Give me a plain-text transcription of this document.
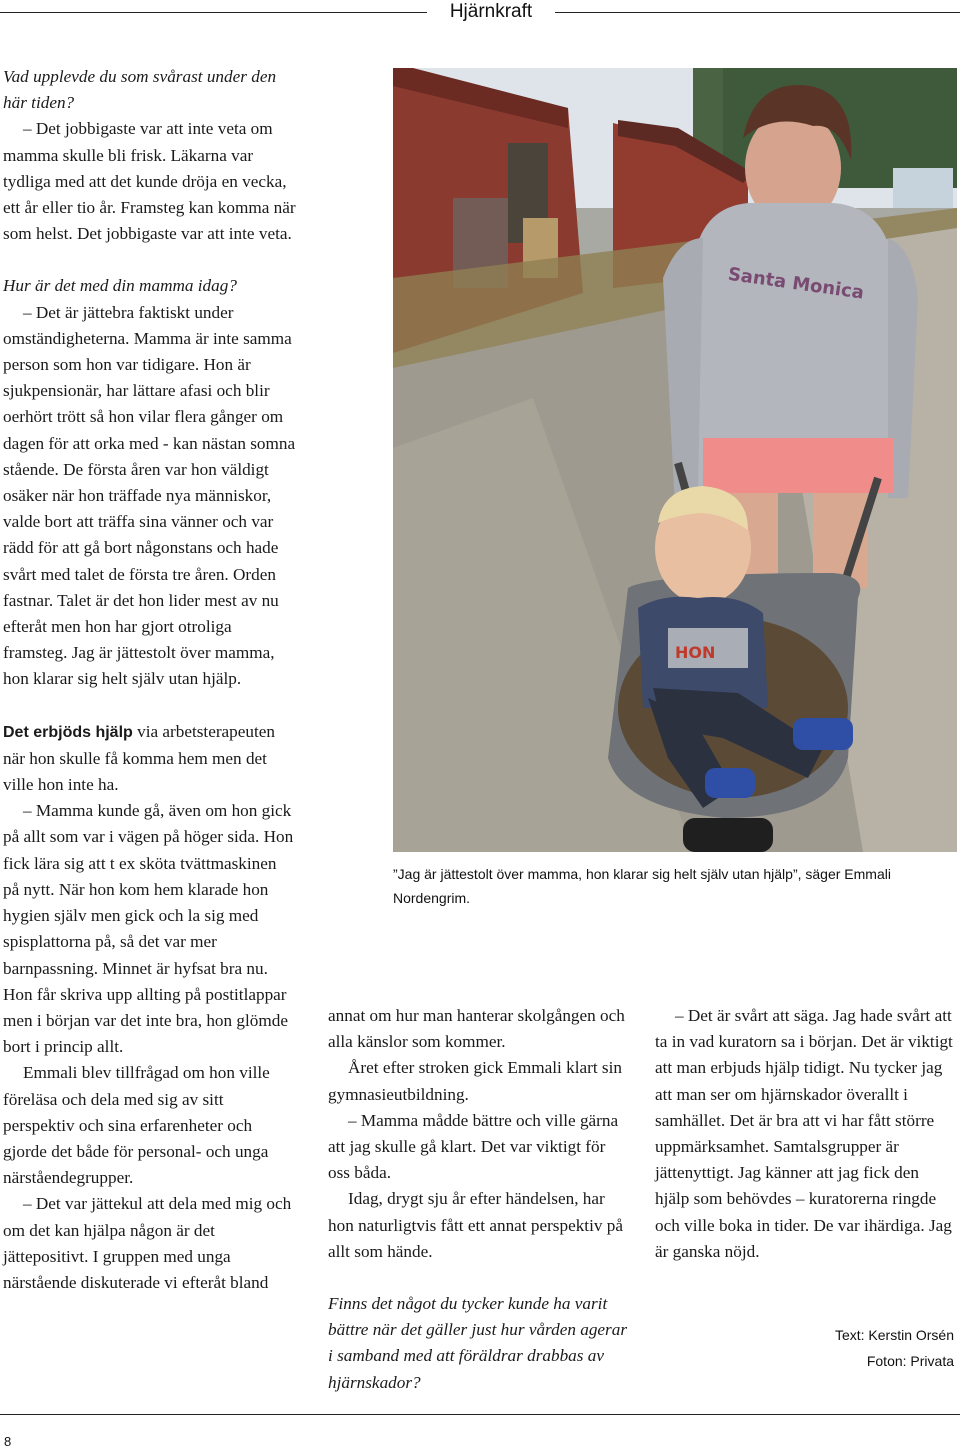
Hjärnkraft

Vad upplevde du som svårast under den här tiden?

– Det jobbigaste var att inte veta om mamma skulle bli frisk. Läkarna var tydliga med att det kunde dröja en vecka, ett år eller tio år. Framsteg kan komma när som helst. Det jobbigaste var att inte veta.

Hur är det med din mamma idag?

– Det är jättebra faktiskt under omständigheterna. Mamma är inte samma person som hon var tidigare. Hon är sjukpensionär, har lättare afasi och blir oerhört trött så hon vilar flera gånger om dagen för att orka med - kan nästan somna stående. De första åren var hon väldigt osäker när hon träffade nya människor, valde bort att träffa sina vänner och var rädd för att gå bort någonstans och hade svårt med talet de första tre åren. Orden fastnar. Talet är det hon lider mest av nu efteråt men hon har gjort otroliga framsteg. Jag är jättestolt över mamma, hon klarar sig helt själv utan hjälp.

Det erbjöds hjälp via arbetsterapeuten när hon skulle få komma hem men det ville hon inte ha.

– Mamma kunde gå, även om hon gick på allt som var i vägen på höger sida. Hon fick lära sig att t ex sköta tvättmaskinen på nytt. När hon kom hem klarade hon hygien själv men gick och la sig med spisplattorna på, så det var mer barnpassning. Minnet är hyfsat bra nu. Hon får skriva upp allting på postitlappar men i början var det inte bra, hon glömde bort i princip allt.

Emmali blev tillfrågad om hon ville föreläsa och dela med sig av sitt perspektiv och sina erfarenheter och gjorde det både för personal- och unga närståendegrupper.

– Det var jättekul att dela med mig och om det kan hjälpa någon är det jättepositivt. I gruppen med unga närstående diskuterade vi efteråt bland

Santa Monica
HON
”Jag är jättestolt över mamma, hon klarar sig helt själv utan hjälp”, säger Emmali Nordengrim.

annat om hur man hanterar skolgången och alla känslor som kommer.

Året efter stroken gick Emmali klart sin gymnasieutbildning.

– Mamma mådde bättre och ville gärna att jag skulle gå klart. Det var viktigt för oss båda.

Idag, drygt sju år efter händelsen, har hon naturligtvis fått ett annat perspektiv på allt som hände.

Finns det något du tycker kunde ha varit bättre när det gäller just hur vården agerar i samband med att föräldrar drabbas av hjärnskador?

– Det är svårt att säga. Jag hade svårt att ta in vad kuratorn sa i början. Det är viktigt att man erbjuds hjälp tidigt. Nu tycker jag att man ser om hjärnskador överallt i samhället. Det är bra att vi har fått större uppmärksamhet. Samtalsgrupper är jättenyttigt. Jag känner att jag fick den hjälp som behövdes – kuratorerna ringde och ville boka in tider. De var ihärdiga. Jag är ganska nöjd.

Text: Kerstin Orsén
Foton: Privata
8
